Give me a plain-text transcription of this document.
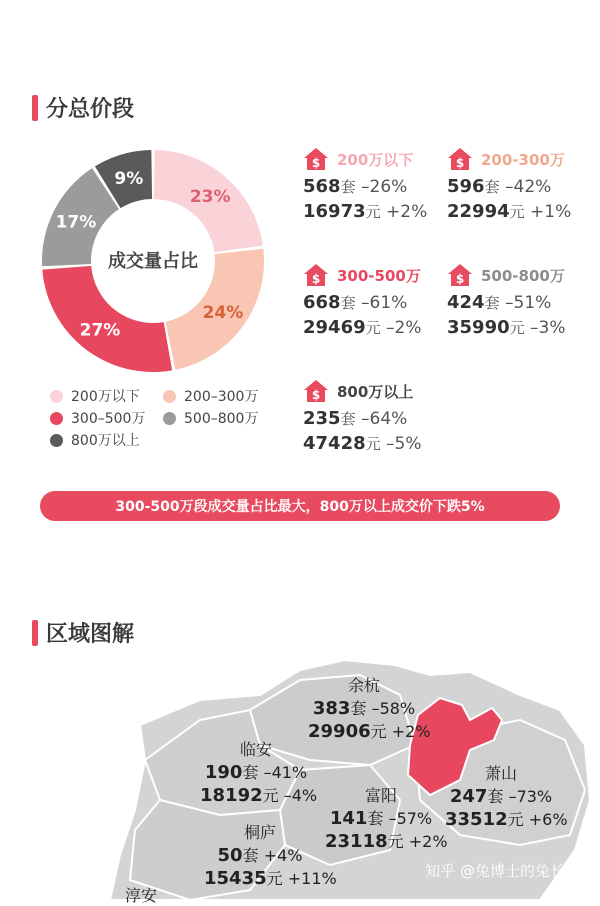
分总价段
23%
24%
27%
17%
9%
成交量占比
200万以下	200–300万
300–500万	500–800万
800万以上
$ 200万以下
568套 –26%
16973元 +2%
$ 200-300万
596套 –42%
22994元 +1%
$ 300-500万
668套 –61%
29469元 –2%
$ 500-800万
424套 –51%
35990元 –3%
$ 800万以上
235套 –64%
47428元 –5%
300-500万段成交量占比最大，800万以上成交价下跌5%
区域图解
余杭
383套 –58%
29906元 +2%
临安
190套 –41%
18192元 –4%	富阳
141套 –57%
23118元 +2%
萧山
247套 –73%
33512元 +6%
桐庐
50套 +4%
15435元 +11%
淳安
知乎 @兔博士的兔长老
